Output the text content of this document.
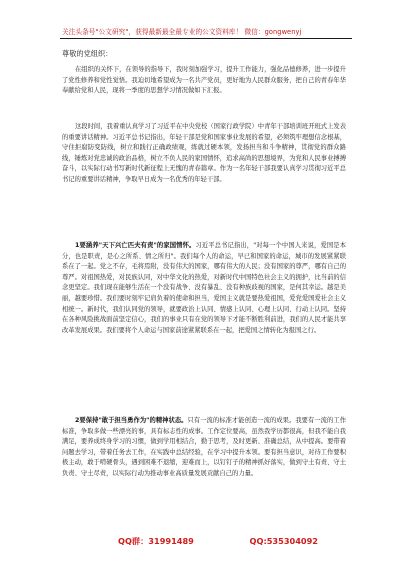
关注头条号"公文研究"，获得最新最全最专业的公文资料库！ 微信：gongwenyj
尊敬的党组织：

在组织的关怀下，在领导的指导下，我时刻加强学习，提升工作能力，强化品德修养，进一步提升了党性修养和党性觉悟。我迫切地希望成为一名共产党员，更好地为人民群众服务，把自己的青春年华奉献给党和人民，现将一季度的思想学习情况做如下汇报。

这段时间，我着重认真学习了习近平在中央党校（国家行政学院）中青年干部培训班开班式上发表的重要讲话精神。习近平总书记指出，年轻干部是党和国家事业发展的希望，必须筑牢理想信念根基，守住拒腐防变防线，树立和践行正确政绩观，练就过硬本领，发扬担当和斗争精神，贯彻党的群众路线，锤炼对党忠诚的政治品格，树立不负人民的家国情怀，追求高尚的思想境界，为党和人民事业搏搏奋斗，以实际行动书写新时代新征程上无愧的青春篇章。作为一名年轻干部我要认真学习贯彻习近平总书记的重要讲话精神，争取早日成为一名优秀的年轻干部。

1要涵养"天下兴亡匹夫有责"的家国情怀。习近平总书记指出，"对每一个中国人来说，爱国是本分，也是职责，是心之所系、情之所归"。我们每个人的命运，早已和国家的命运，城市的发展紧紧联系在了一起。党之不存，毛将焉附，没有伟大的国家，哪有伟大的人民；没有国家的尊严，哪有自己的尊严。对祖国热爱，对民族认同，对中华文化的热爱，对新时代中国特色社会主义的拥护，比当前的信念更坚定。我们现在能够生活在一个没有战争、没有暴乱、没有种族歧视的国家，是何其幸运。越是美丽，越要珍惜。我们要时刻牢记肩负着的使命和担当，爱国主义就是要热爱祖国，爱党爱国爱社会主义相统一。新时代，我们认同党的领导，就要政治上认同、情感上认同、心理上认同、行动上认同。坚持在各种风险挑战面前坚定信心，我们的事业只有在党的领导下才能不断胜利前进，我们的人民才能共享改革发展成果。我们要将个人命运与国家前途紧紧联系在一起，把爱国之情转化为报国之行。

2要保持"敢于担当勇作为"的精神状态。只有一流的标准才能创造一流的成果。我要有一流的工作标准，争取多做一些漂亮的事，具有标志性的成事。工作定位要高，虽然我学历都很高，但我不能自我满足，要养成终身学习的习惯，做到学用相结合，勤于思考，及时更新、准确总结，从中提高。要带着问题去学习，带着任务去工作，在实践中总结经验，在学习中提升本领。要有担当意识，对待工作要积极主动，敢于啃硬骨头，遇到困难不退缩，迎难而上，以钉钉子的精神抓好落实，做到守土有责、守土负责、守土尽责，以实际行动为推动事业高质量发展贡献自己的力量。

QQ群：31991489	QQ:535304092
